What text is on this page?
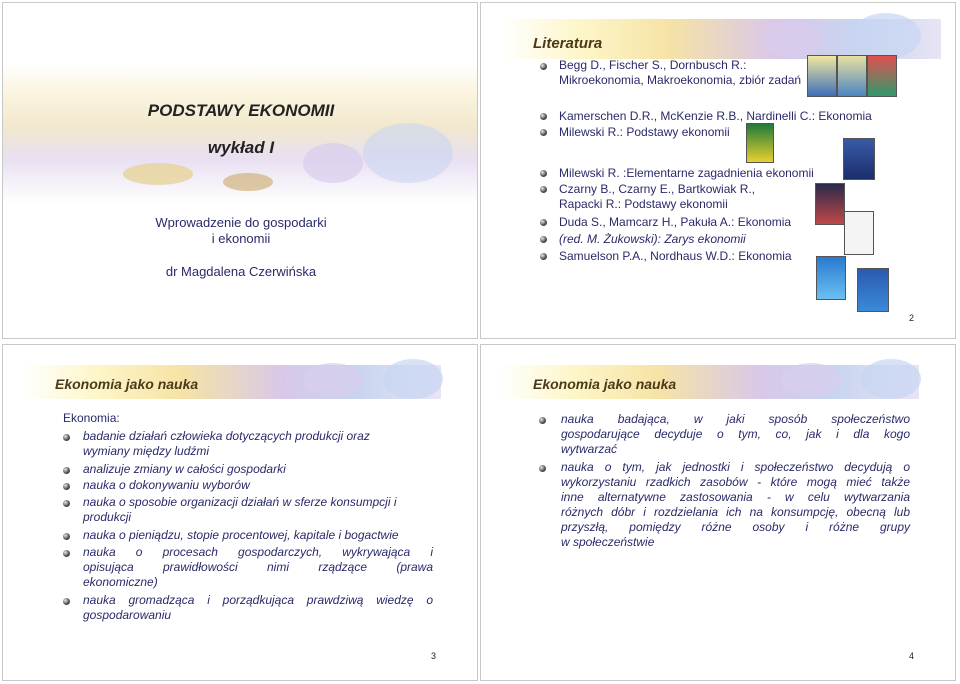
PODSTAWY EKONOMII
wykład I
Wprowadzenie do gospodarki
i ekonomii
dr Magdalena Czerwińska
Literatura
Begg D., Fischer S., Dornbusch R.:
Mikroekonomia, Makroekonomia, zbiór zadań
Kamerschen D.R., McKenzie R.B., Nardinelli C.: Ekonomia
Milewski R.: Podstawy ekonomii
Milewski R. :Elementarne zagadnienia ekonomii
Czarny B., Czarny E., Bartkowiak R.,
Rapacki R.: Podstawy ekonomii
Duda S., Mamcarz H., Pakuła A.: Ekonomia
(red. M. Żukowski): Zarys ekonomii
Samuelson P.A., Nordhaus W.D.: Ekonomia
2
Ekonomia jako nauka
Ekonomia:
badanie działań człowieka dotyczących produkcji oraz
wymiany między ludźmi
analizuje zmiany w całości gospodarki
nauka o dokonywaniu wyborów
nauka o sposobie organizacji działań w sferze konsumpcji i
produkcji
nauka o pieniądzu, stopie procentowej, kapitale i bogactwie
nauka o procesach gospodarczych, wykrywająca i
opisująca prawidłowości nimi rządzące (prawa
ekonomiczne)
nauka gromadząca i porządkująca prawdziwą wiedzę o
gospodarowaniu
3
Ekonomia jako nauka
nauka badająca, w jaki sposób społeczeństwo
gospodarujące decyduje o tym, co, jak i dla kogo
wytwarzać
nauka o tym, jak jednostki i społeczeństwo decydują o
wykorzystaniu rzadkich zasobów - które mogą mieć także
inne alternatywne zastosowania - w celu wytwarzania
różnych dóbr i rozdzielania ich na konsumpcję, obecną lub
przyszłą, pomiędzy różne osoby i różne grupy
w społeczeństwie
4
